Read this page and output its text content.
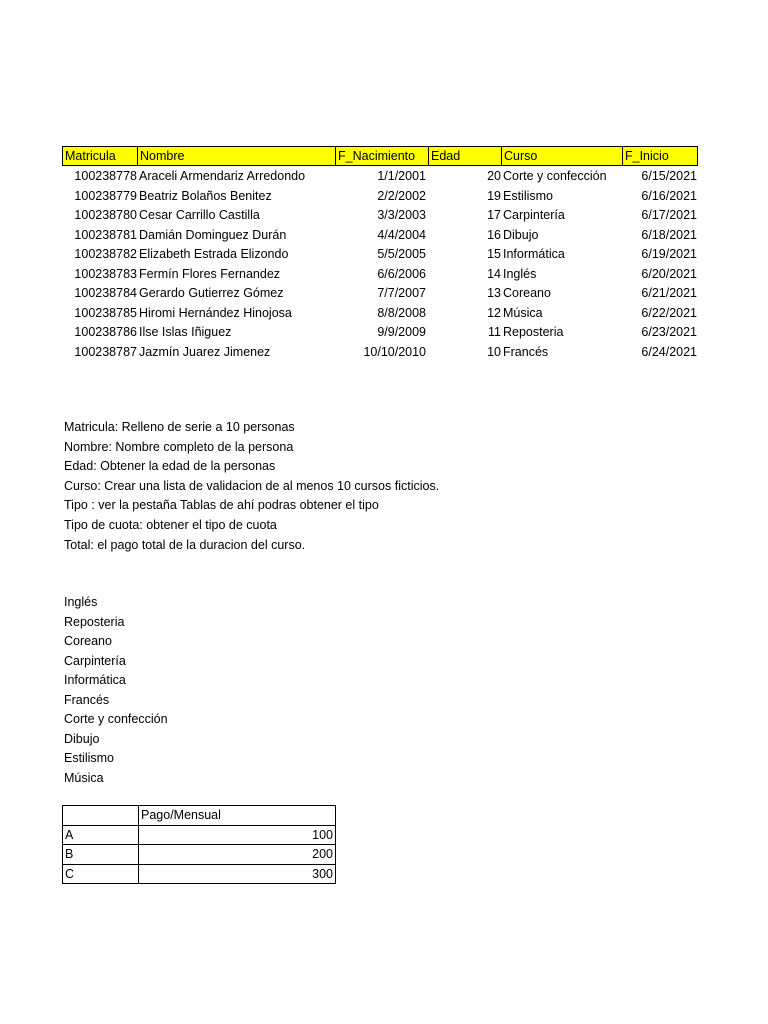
Matricula	Nombre	F_Nacimiento	Edad	Curso	F_Inicio
100238778 Araceli Armendariz Arredondo	1/1/2001	20 Corte y confección	6/15/2021
100238779 Beatriz Bolaños Benitez	2/2/2002	19 Estilismo	6/16/2021
100238780 Cesar Carrillo Castilla	3/3/2003	17 Carpintería	6/17/2021
100238781 Damián Dominguez Durán	4/4/2004	16 Dibujo	6/18/2021
100238782 Elizabeth Estrada Elizondo	5/5/2005	15 Informática	6/19/2021
100238783 Fermín Flores Fernandez	6/6/2006	14 Inglés	6/20/2021
100238784 Gerardo Gutierrez Gómez	7/7/2007	13 Coreano	6/21/2021
100238785 Hiromi Hernández Hinojosa	8/8/2008	12 Música	6/22/2021
100238786 Ilse Islas Iñiguez	9/9/2009	11 Reposteria	6/23/2021
100238787 Jazmín Juarez Jimenez	10/10/2010	10 Francés	6/24/2021
Matricula: Relleno de serie a 10 personas
Nombre: Nombre completo de la persona
Edad: Obtener la edad de la personas
Curso: Crear una lista de validacion de al menos 10 cursos ficticios.
Tipo : ver la pestaña Tablas de ahí podras obtener el tipo
Tipo de cuota: obtener el tipo de cuota
Total: el pago total de la duracion del curso.
Inglés
Reposteria
Coreano
Carpintería
Informática
Francés
Corte y confección
Dibujo
Estilismo
Música
	Pago/Mensual
A	100
B	200
C	300
